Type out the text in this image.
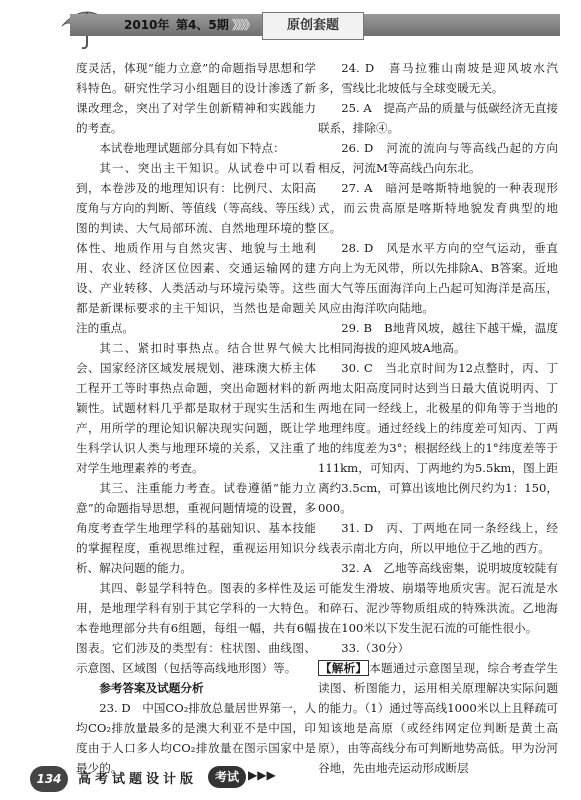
2010年 第4、5期 》》》》	原创套题

度灵活，体现“能力立意”的命题指导思想和学科特色。研究性学习小组题目的设计渗透了新课改理念，突出了对学生创新精神和实践能力的考查。

本试卷地理试题部分具有如下特点：

其一、突出主干知识。从试卷中可以看到，本卷涉及的地理知识有：比例尺、太阳高度角与方向的判断、等值线（等高线、等压线）图的判读、大气局部环流、自然地理环境的整体性、地质作用与自然灾害、地貌与土地利用、农业、经济区位因素、交通运输网的建设、产业转移、人类活动与环境污染等。这些都是新课标要求的主干知识，当然也是命题关注的重点。

其二、紧扣时事热点。结合世界气候大会、国家经济区域发展规划、港珠澳大桥主体工程开工等时事热点命题，突出命题材料的新颖性。试题材料几乎都是取材于现实生活和生产，用所学的理论知识解决现实问题，既让学生科学认识人类与地理环境的关系，又注重了对学生地理素养的考查。

其三、注重能力考查。试卷遵循“能力立意”的命题指导思想，重视问题情境的设置，多角度考查学生地理学科的基础知识、基本技能的掌握程度，重视思维过程，重视运用知识分析、解决问题的能力。

其四、彰显学科特色。图表的多样性及运用，是地理学科有别于其它学科的一大特色。本卷地理部分共有6组题，每组一幅，共有6幅图表。它们涉及的类型有：柱状图、曲线图、示意图、区域图（包括等高线地形图）等。

参考答案及试题分析

23. D　中国CO₂排放总量居世界第一，人均CO₂排放量最多的是澳大利亚不是中国，印度由于人口多人均CO₂排放量在图示国家中是最少的。

24. D　喜马拉雅山南坡是迎风坡水汽多，雪线比北坡低与全球变暖无关。

25. A　提高产品的质量与低碳经济无直接联系，排除④。

26. D　河流的流向与等高线凸起的方向相反，河流M等高线凸向东北。

27. A　暗河是喀斯特地貌的一种表现形式，而云贵高原是喀斯特地貌发育典型的地区。

28. D　风是水平方向的空气运动，垂直方向上为无风带，所以先排除A、B答案。近地面大气等压面海洋向上凸起可知海洋是高压，风应由海洋吹向陆地。

29. B　B地背风坡，越往下越干燥，温度比相同海拔的迎风坡A地高。

30. C　当北京时间为12点整时，丙、丁两地太阳高度同时达到当日最大值说明丙、丁两地在同一经线上，北极星的仰角等于当地的地理纬度。通过经线上的纬度差可知丙、丁两地的纬度差为3°；根据经线上的1°纬度差等于111km，可知丙、丁两地约为5.5km，图上距离约3.5cm，可算出该地比例尺约为1：150，000。

31. D　丙、丁两地在同一条经线上，经线表示南北方向，所以甲地位于乙地的西方。

32. A　乙地等高线密集，说明坡度较陡有可能发生滑坡、崩塌等地质灾害。泥石流是水和碎石、泥沙等物质组成的特殊洪流。乙地海拔在100米以下发生泥石流的可能性很小。

33.（30分）

【解析】 本题通过示意图呈现，综合考查学生读图、析图能力，运用相关原理解决实际问题的能力。（1）通过等高线1000米以上且释疏可知该地是高原（或经纬网定位判断是黄土高原），由等高线分布可判断地势高低。甲为汾河谷地，先由地壳运动形成断层

134	高考试题设计版	考试 ▶▶▶
